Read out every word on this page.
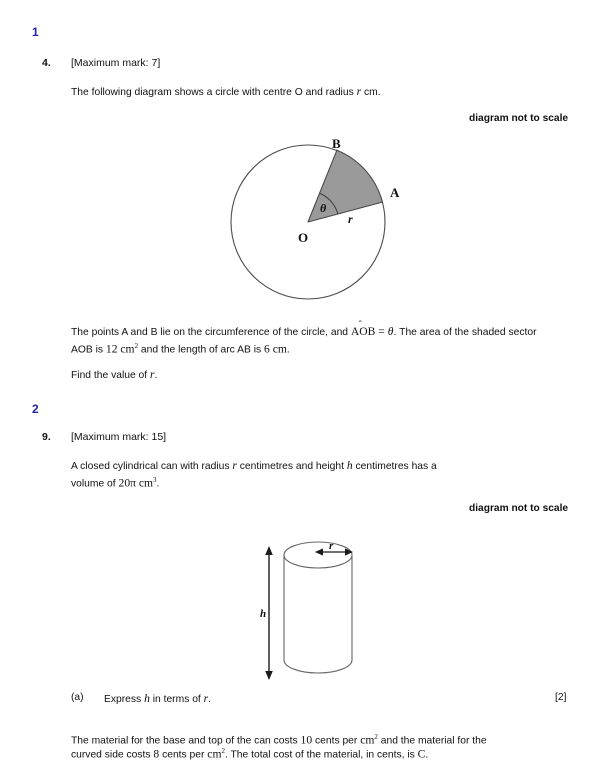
1
4. [Maximum mark: 7]
The following diagram shows a circle with centre O and radius r cm.
diagram not to scale
B
A
O
θ
r
The points A and B lie on the circumference of the circle, and AO
B = θ. The area of the shaded sector AOB is 12 $cm^2$ and the length of arc AB is 6 cm.
Find the value of r.
2
9. [Maximum mark: 15]
A closed cylindrical can with radius r centimetres and height h centimetres has a
volume of 20π $cm^3$.
diagram not to scale
h
r
(a) Express h in terms of r.	[2]
The material for the base and top of the can costs 10 cents per $cm^2$ and the material for the
curved side costs 8 cents per $cm^2$. The total cost of the material, in cents, is C.
